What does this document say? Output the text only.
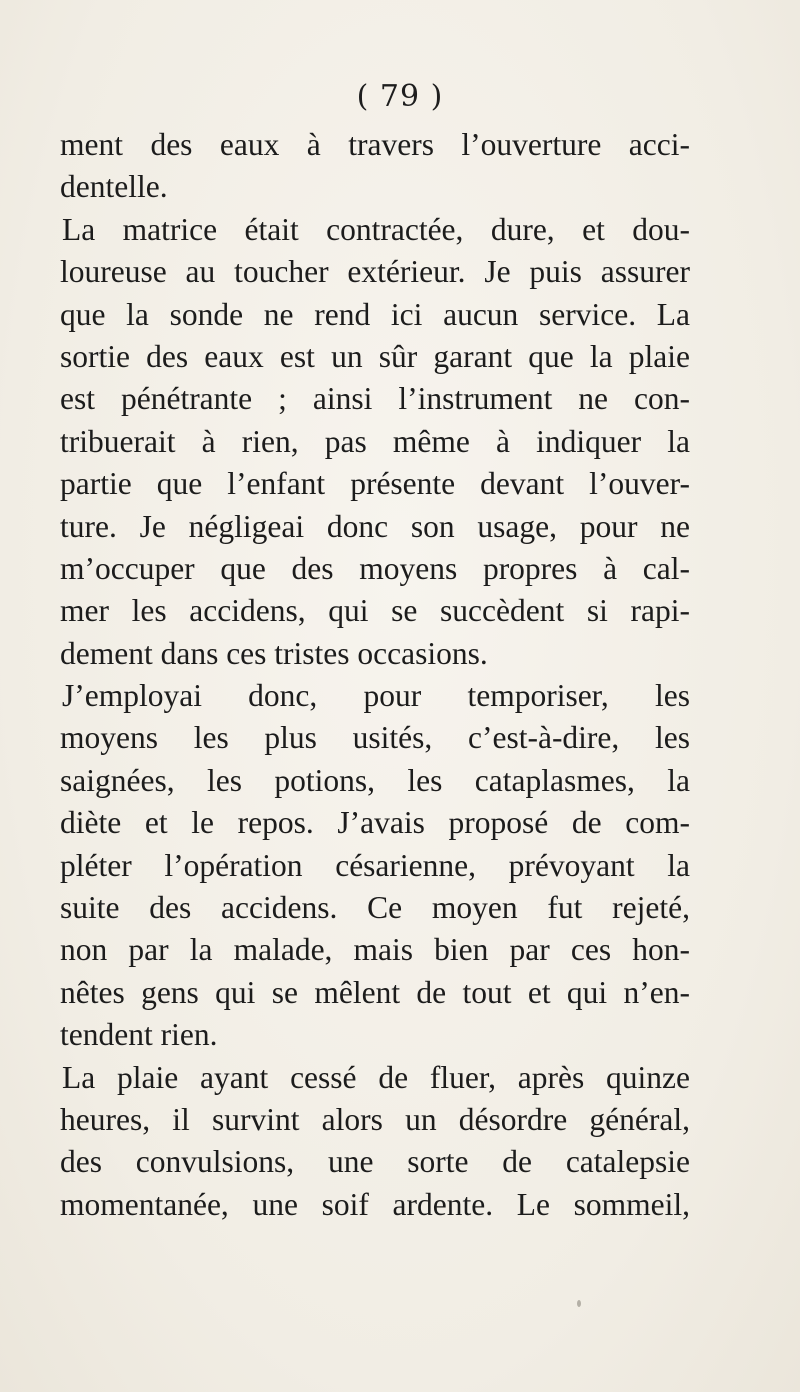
( 79 )
ment des eaux à travers l’ouverture acci-
dentelle.
La matrice était contractée, dure, et dou-
loureuse au toucher extérieur. Je puis assurer
que la sonde ne rend ici aucun service. La
sortie des eaux est un sûr garant que la plaie
est pénétrante ; ainsi l’instrument ne con-
tribuerait à rien, pas même à indiquer la
partie que l’enfant présente devant l’ouver-
ture. Je négligeai donc son usage, pour ne
m’occuper que des moyens propres à cal-
mer les accidens, qui se succèdent si rapi-
dement dans ces tristes occasions.
J’employai donc, pour temporiser, les
moyens les plus usités, c’est-à-dire, les
saignées, les potions, les cataplasmes, la
diète et le repos. J’avais proposé de com-
pléter l’opération césarienne, prévoyant la
suite des accidens. Ce moyen fut rejeté,
non par la malade, mais bien par ces hon-
nêtes gens qui se mêlent de tout et qui n’en-
tendent rien.
La plaie ayant cessé de fluer, après quinze
heures, il survint alors un désordre général,
des convulsions, une sorte de catalepsie
momentanée, une soif ardente. Le sommeil,
